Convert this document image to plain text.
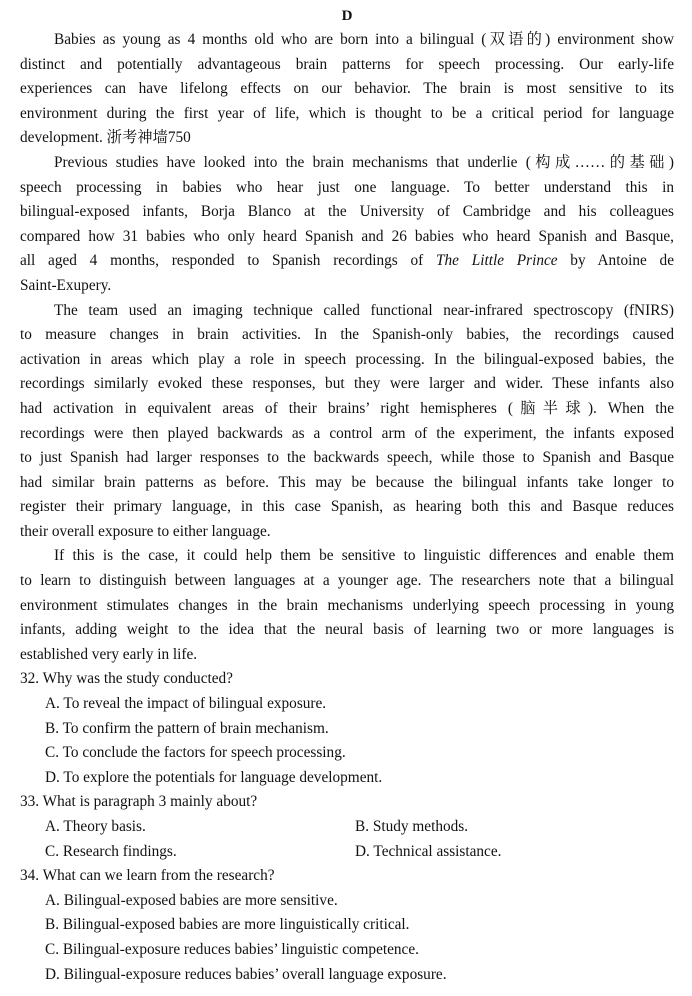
D
Babies as young as 4 months old who are born into a bilingual (双语的) environment show
distinct and potentially advantageous brain patterns for speech processing. Our early-life
experiences can have lifelong effects on our behavior. The brain is most sensitive to its
environment during the first year of life, which is thought to be a critical period for language
development. 浙考神墙750
Previous studies have looked into the brain mechanisms that underlie (构成……的基础)
speech processing in babies who hear just one language. To better understand this in
bilingual-exposed infants, Borja Blanco at the University of Cambridge and his colleagues
compared how 31 babies who only heard Spanish and 26 babies who heard Spanish and Basque,
all aged 4 months, responded to Spanish recordings of The Little Prince by Antoine de
Saint-Exupery.
The team used an imaging technique called functional near-infrared spectroscopy (fNIRS)
to measure changes in brain activities. In the Spanish-only babies, the recordings caused
activation in areas which play a role in speech processing. In the bilingual-exposed babies, the
recordings similarly evoked these responses, but they were larger and wider. These infants also
had activation in equivalent areas of their brains’ right hemispheres (脑半球). When the
recordings were then played backwards as a control arm of the experiment, the infants exposed
to just Spanish had larger responses to the backwards speech, while those to Spanish and Basque
had similar brain patterns as before. This may be because the bilingual infants take longer to
register their primary language, in this case Spanish, as hearing both this and Basque reduces
their overall exposure to either language.
If this is the case, it could help them be sensitive to linguistic differences and enable them
to learn to distinguish between languages at a younger age. The researchers note that a bilingual
environment stimulates changes in the brain mechanisms underlying speech processing in young
infants, adding weight to the idea that the neural basis of learning two or more languages is
established very early in life.

32. Why was the study conducted?

A. To reveal the impact of bilingual exposure.

B. To confirm the pattern of brain mechanism.

C. To conclude the factors for speech processing.

D. To explore the potentials for language development.

33. What is paragraph 3 mainly about?

A. Theory basis.	B. Study methods.
C. Research findings.	D. Technical assistance.

34. What can we learn from the research?

A. Bilingual-exposed babies are more sensitive.

B. Bilingual-exposed babies are more linguistically critical.

C. Bilingual-exposure reduces babies’ linguistic competence.

D. Bilingual-exposure reduces babies’ overall language exposure.
